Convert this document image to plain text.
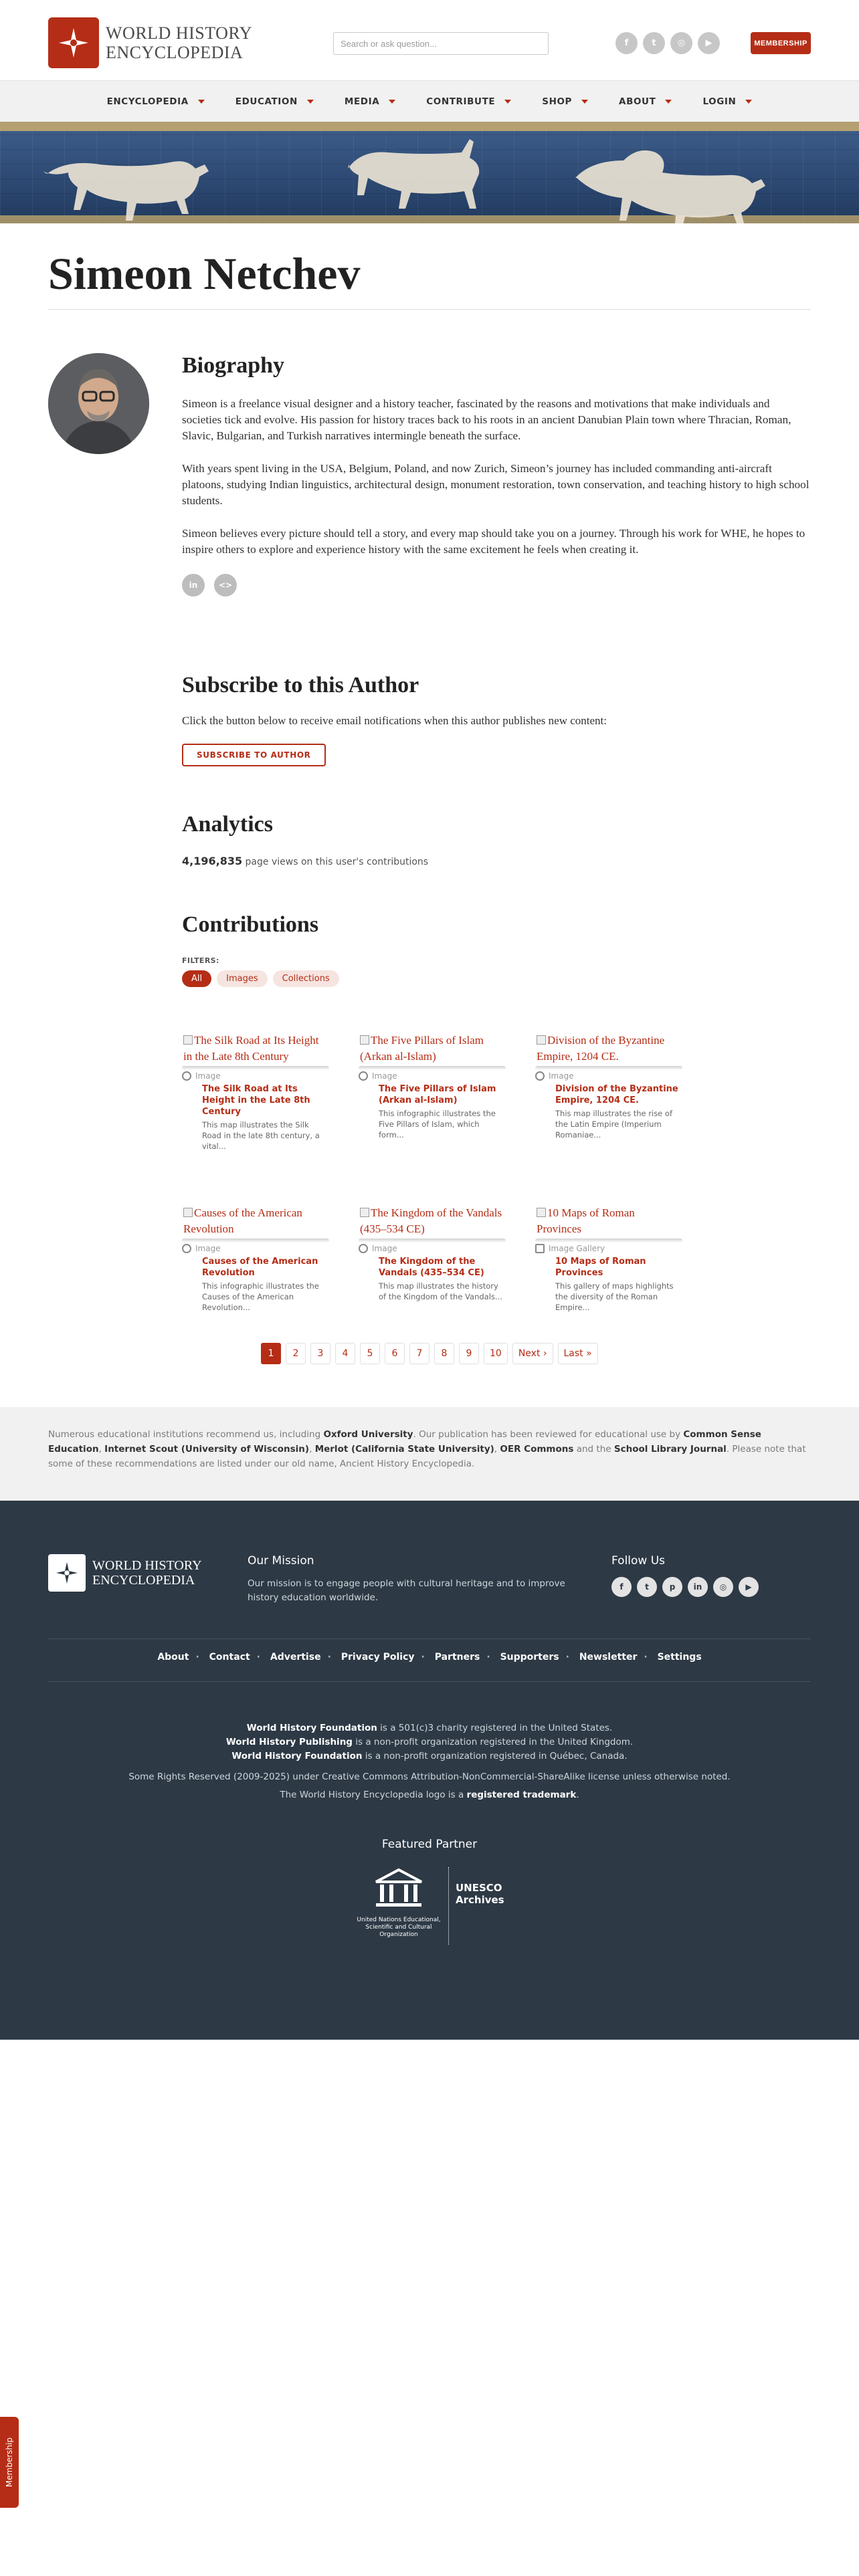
WORLD HISTORY
ENCYCLOPEDIA
Search or ask question...	f	t	◎	▶	MEMBERSHIP
ENCYCLOPEDIA	EDUCATION	MEDIA	CONTRIBUTE	SHOP	ABOUT	LOGIN
Simeon Netchev
Biography

Simeon is a freelance visual designer and a history teacher, fascinated by the reasons and motivations that make individuals and societies tick and evolve. His passion for history traces back to his roots in an ancient Danubian Plain town where Thracian, Roman, Slavic, Bulgarian, and Turkish narratives intermingle beneath the surface.

With years spent living in the USA, Belgium, Poland, and now Zurich, Simeon’s journey has included commanding anti-aircraft platoons, studying Indian linguistics, architectural design, monument restoration, town conservation, and teaching history to high school students.

Simeon believes every picture should tell a story, and every map should take you on a journey. Through his work for WHE, he hopes to inspire others to explore and experience history with the same excitement he feels when creating it.

in	<>
Subscribe to this Author

Click the button below to receive email notifications when this author publishes new content:

SUBSCRIBE TO AUTHOR
Analytics

4,196,835 page views on this user's contributions

Contributions
FILTERS:
All	Images	Collections
The Silk Road at Its Height in the Late 8th Century
Image
The Silk Road at Its Height in the Late 8th Century
This map illustrates the Silk Road in the late 8th century, a vital...
The Five Pillars of Islam (Arkan al-Islam)
Image
The Five Pillars of Islam (Arkan al-Islam)
This infographic illustrates the Five Pillars of Islam, which form...
Division of the Byzantine Empire, 1204 CE.
Image
Division of the Byzantine Empire, 1204 CE.
This map illustrates the rise of the Latin Empire (Imperium Romaniae...
Causes of the American Revolution
Image
Causes of the American Revolution
This infographic illustrates the Causes of the American Revolution...
The Kingdom of the Vandals (435–534 CE)
Image
The Kingdom of the Vandals (435–534 CE)
This map illustrates the history of the Kingdom of the Vandals...
10 Maps of Roman Provinces
Image Gallery
10 Maps of Roman Provinces
This gallery of maps highlights the diversity of the Roman Empire...
1	2	3	4	5	6	7	8	9	10	Next ›	Last »

Numerous educational institutions recommend us, including Oxford University. Our publication has been reviewed for educational use by Common Sense Education, Internet Scout (University of Wisconsin), Merlot (California State University), OER Commons and the School Library Journal. Please note that some of these recommendations are listed under our old name, Ancient History Encyclopedia.

WORLD HISTORY
ENCYCLOPEDIA
Our Mission

Our mission is to engage people with cultural heritage and to improve history education worldwide.

Follow Us
f	t	p	in	◎	▶
About · Contact · Advertise · Privacy Policy · Partners · Supporters · Newsletter · Settings
World History Foundation is a 501(c)3 charity registered in the United States.
World History Publishing is a non-profit organization registered in the United Kingdom.
World History Foundation is a non-profit organization registered in Québec, Canada.
Some Rights Reserved (2009-2025) under Creative Commons Attribution-NonCommercial-ShareAlike license unless otherwise noted.
The World History Encyclopedia logo is a registered trademark.
Featured Partner
United Nations Educational, Scientific and Cultural Organization
UNESCO
Archives
Membership
